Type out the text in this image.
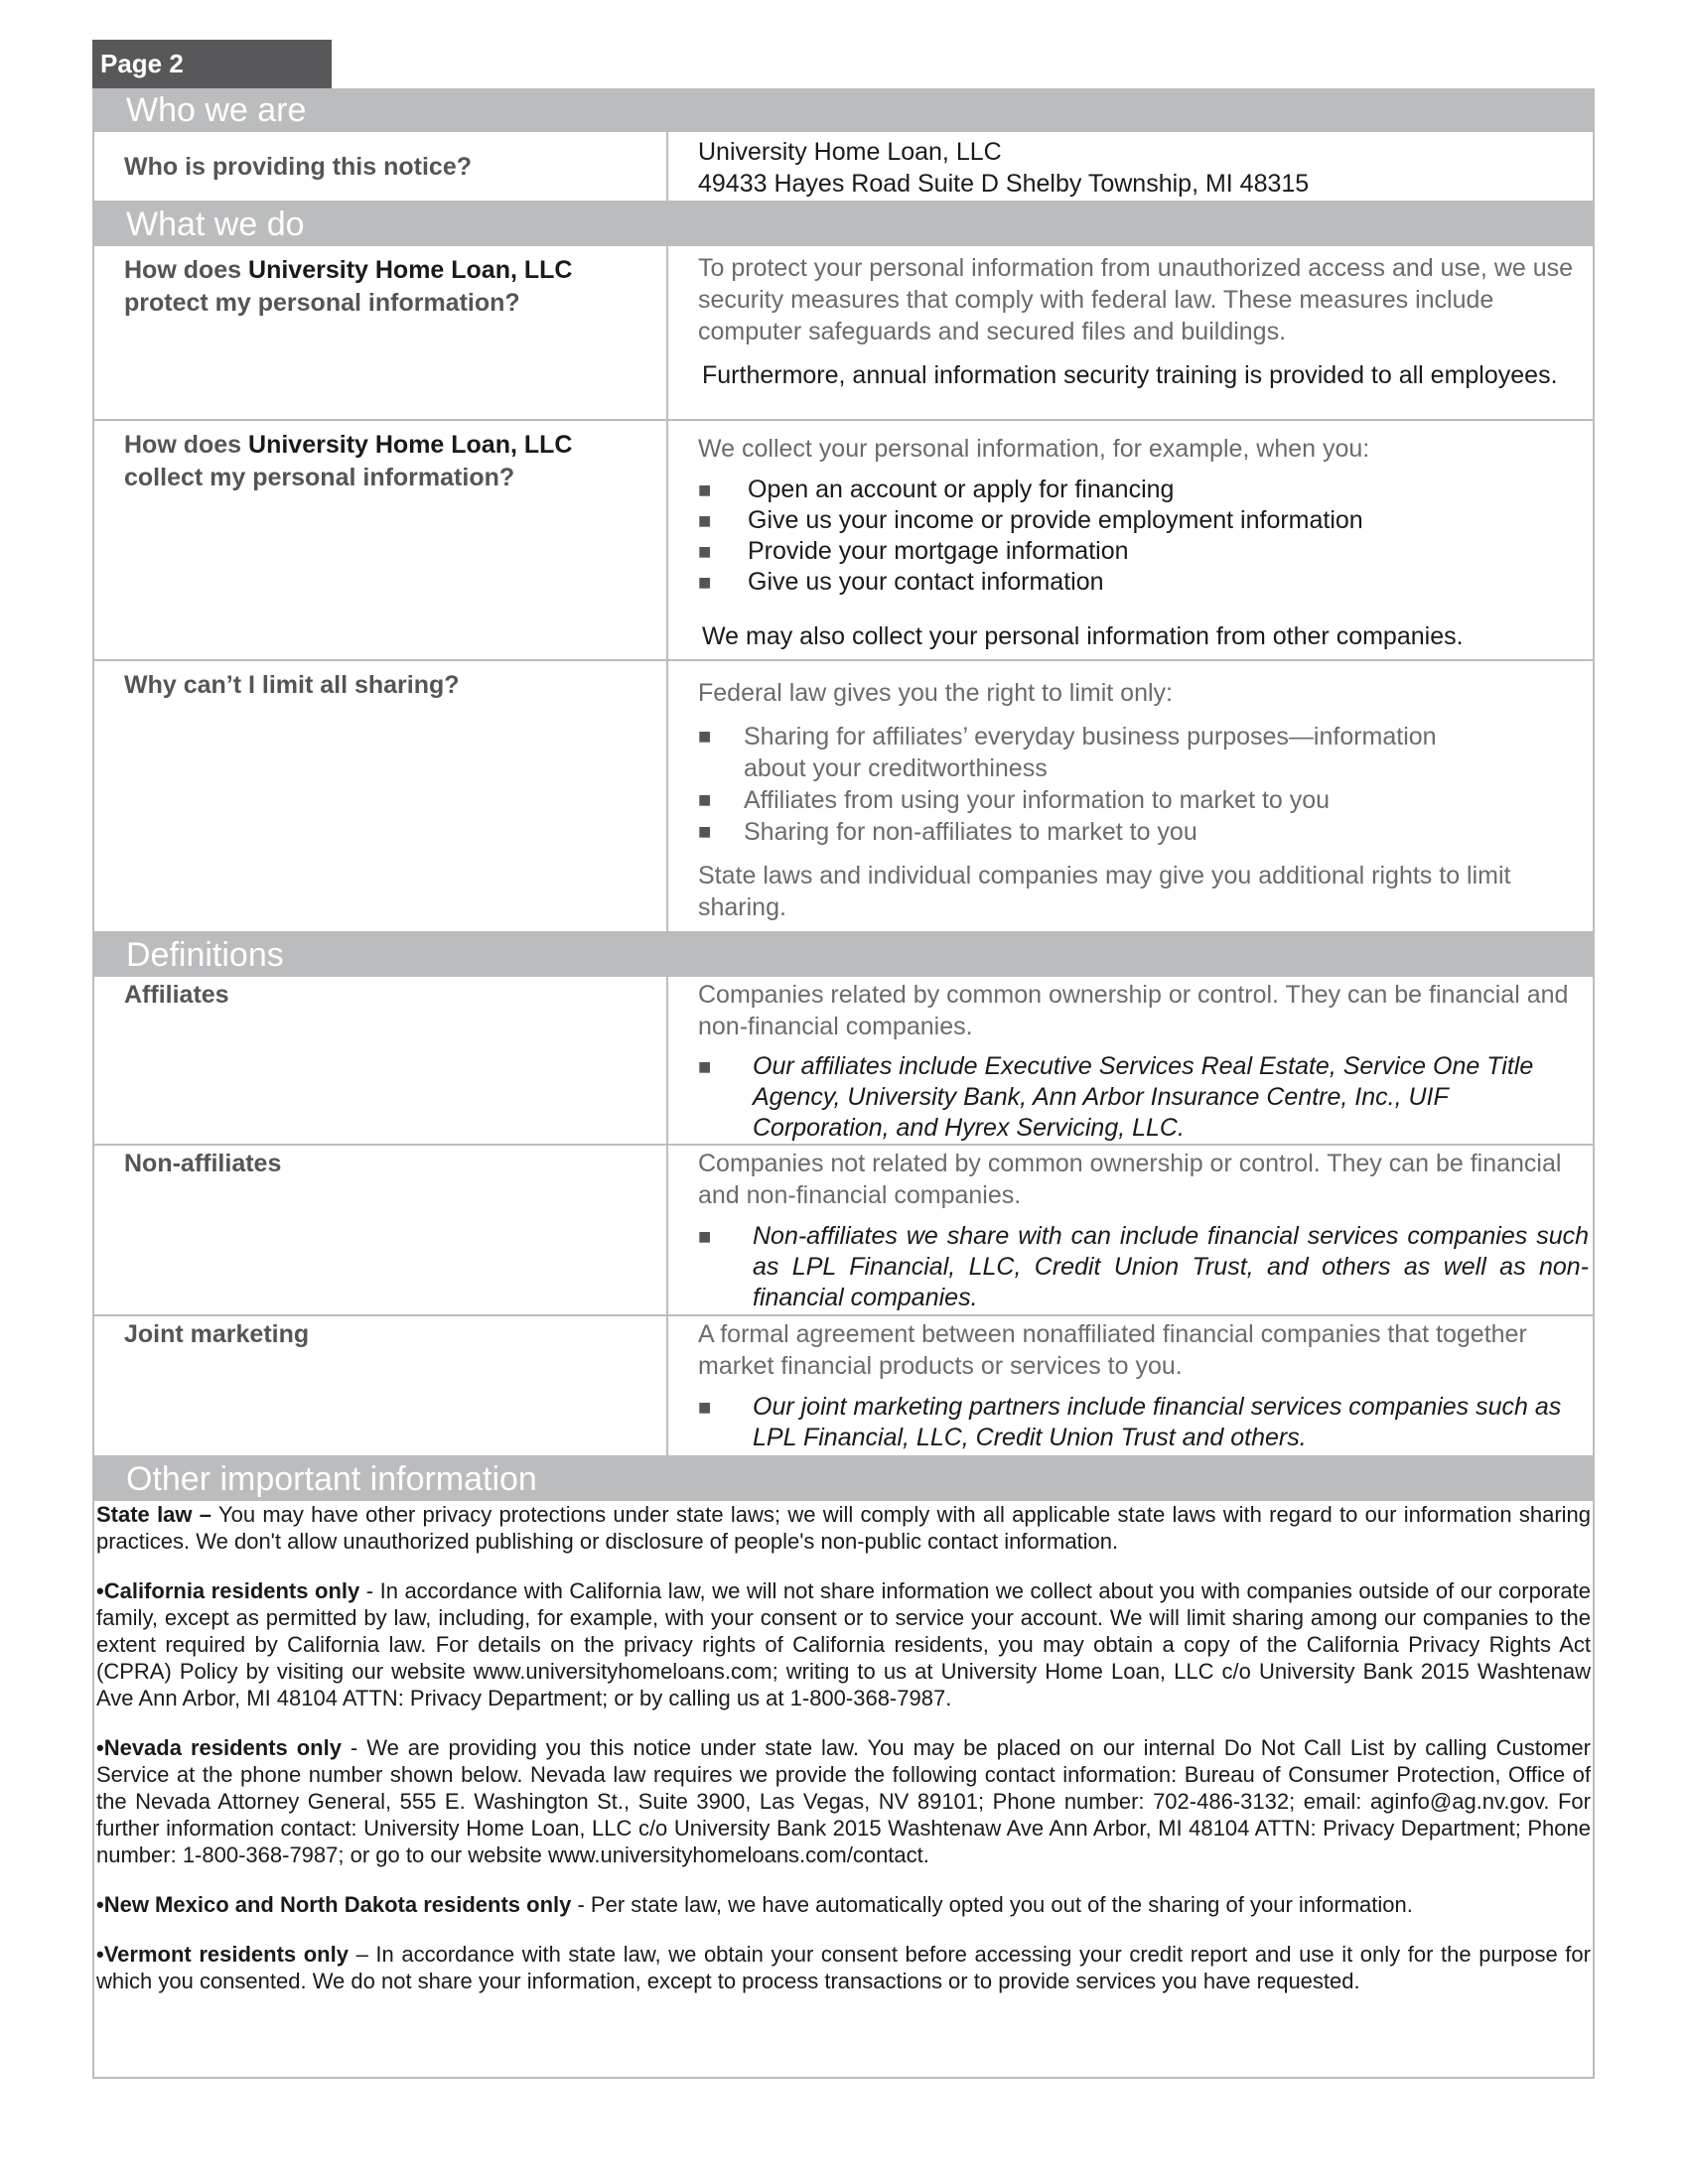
Page 2
Who we are
Who is providing this notice?
University Home Loan, LLC
49433 Hayes Road Suite D Shelby Township, MI 48315
What we do
How does University Home Loan, LLC
protect my personal information?

To protect your personal information from unauthorized access and use, we use security measures that comply with federal law. These measures include computer safeguards and secured files and buildings.

Furthermore, annual information security training is provided to all employees.

How does University Home Loan, LLC
collect my personal information?

We collect your personal information, for example, when you:

■ Open an account or apply for financing
■ Give us your income or provide employment information
■ Provide your mortgage information
■ Give us your contact information

We may also collect your personal information from other companies.

Why can’t I limit all sharing?	Federal law gives you the right to limit only:

■ Sharing for affiliates’ everyday business purposes—information about your creditworthiness
■ Affiliates from using your information to market to you
■ Sharing for non-affiliates to market to you

State laws and individual companies may give you additional rights to limit sharing.

Definitions
Affiliates	Companies related by common ownership or control. They can be financial and non-financial companies.

■ Our affiliates include Executive Services Real Estate, Service One Title Agency, University Bank, Ann Arbor Insurance Centre, Inc., UIF Corporation, and Hyrex Servicing, LLC.
Non-affiliates	Companies not related by common ownership or control. They can be financial and non-financial companies.

■ Non-affiliates we share with can include financial services companies such as LPL Financial, LLC, Credit Union Trust, and others as well as non-financial companies.
Joint marketing	A formal agreement between nonaffiliated financial companies that together market financial products or services to you.

■ Our joint marketing partners include financial services companies such as LPL Financial, LLC, Credit Union Trust and others.
Other important information

State law – You may have other privacy protections under state laws; we will comply with all applicable state laws with regard to our information sharing practices. We don't allow unauthorized publishing or disclosure of people's non-public contact information.

•California residents only - In accordance with California law, we will not share information we collect about you with companies outside of our corporate family, except as permitted by law, including, for example, with your consent or to service your account. We will limit sharing among our companies to the extent required by California law. For details on the privacy rights of California residents, you may obtain a copy of the California Privacy Rights Act (CPRA) Policy by visiting our website www.universityhomeloans.com; writing to us at University Home Loan, LLC c/o University Bank 2015 Washtenaw Ave Ann Arbor, MI 48104 ATTN: Privacy Department; or by calling us at 1-800-368-7987.

•Nevada residents only - We are providing you this notice under state law. You may be placed on our internal Do Not Call List by calling Customer Service at the phone number shown below. Nevada law requires we provide the following contact information: Bureau of Consumer Protection, Office of the Nevada Attorney General, 555 E. Washington St., Suite 3900, Las Vegas, NV 89101; Phone number: 702-486-3132; email: aginfo@ag.nv.gov. For further information contact: University Home Loan, LLC c/o University Bank 2015 Washtenaw Ave Ann Arbor, MI 48104 ATTN: Privacy Department; Phone number: 1-800-368-7987; or go to our website www.universityhomeloans.com/contact.

•New Mexico and North Dakota residents only - Per state law, we have automatically opted you out of the sharing of your information.

•Vermont residents only – In accordance with state law, we obtain your consent before accessing your credit report and use it only for the purpose for which you consented. We do not share your information, except to process transactions or to provide services you have requested.
